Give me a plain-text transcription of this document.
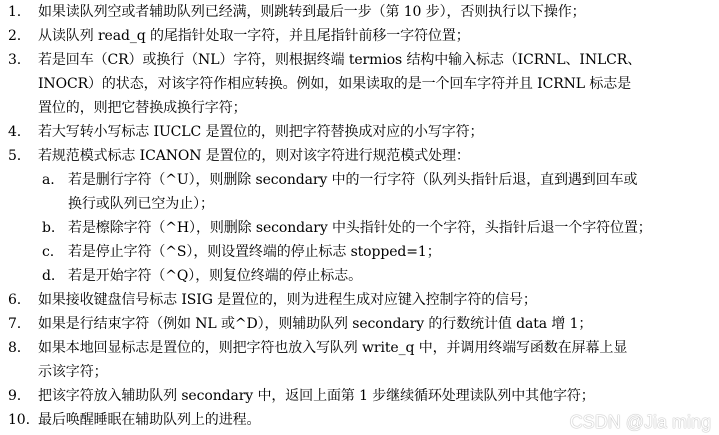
1.	如果读队列空或者辅助队列已经满，则跳转到最后一步（第 10 步），否则执行以下操作；
2.	从读队列 read_q 的尾指针处取一字符，并且尾指针前移一字符位置；
3.	若是回车（CR）或换行（NL）字符，则根据终端 termios 结构中输入标志（ICRNL、INLCR、
INOCR）的状态，对该字符作相应转换。例如，如果读取的是一个回车字符并且 ICRNL 标志是
置位的，则把它替换成换行字符；
4.	若大写转小写标志 IUCLC 是置位的，则把字符替换成对应的小写字符；
5.	若规范模式标志 ICANON 是置位的，则对该字符进行规范模式处理：
a. 若是删行字符（^U），则删除 secondary 中的一行字符（队列头指针后退，直到遇到回车或
换行或队列已空为止）；
b. 若是檫除字符（^H），则删除 secondary 中头指针处的一个字符，头指针后退一个字符位置；
c. 若是停止字符（^S），则设置终端的停止标志 stopped=1；
d. 若是开始字符（^Q），则复位终端的停止标志。
6.	如果接收键盘信号标志 ISIG 是置位的，则为进程生成对应键入控制字符的信号；
7.	如果是行结束字符（例如 NL 或^D），则辅助队列 secondary 的行数统计值 data 增 1；
8.	如果本地回显标志是置位的，则把字符也放入写队列 write_q 中，并调用终端写函数在屏幕上显
示该字符；
9.	把该字符放入辅助队列 secondary 中，返回上面第 1 步继续循环处理读队列中其他字符；
10. 最后唤醒睡眠在辅助队列上的进程。	CSDN @Jia ming
